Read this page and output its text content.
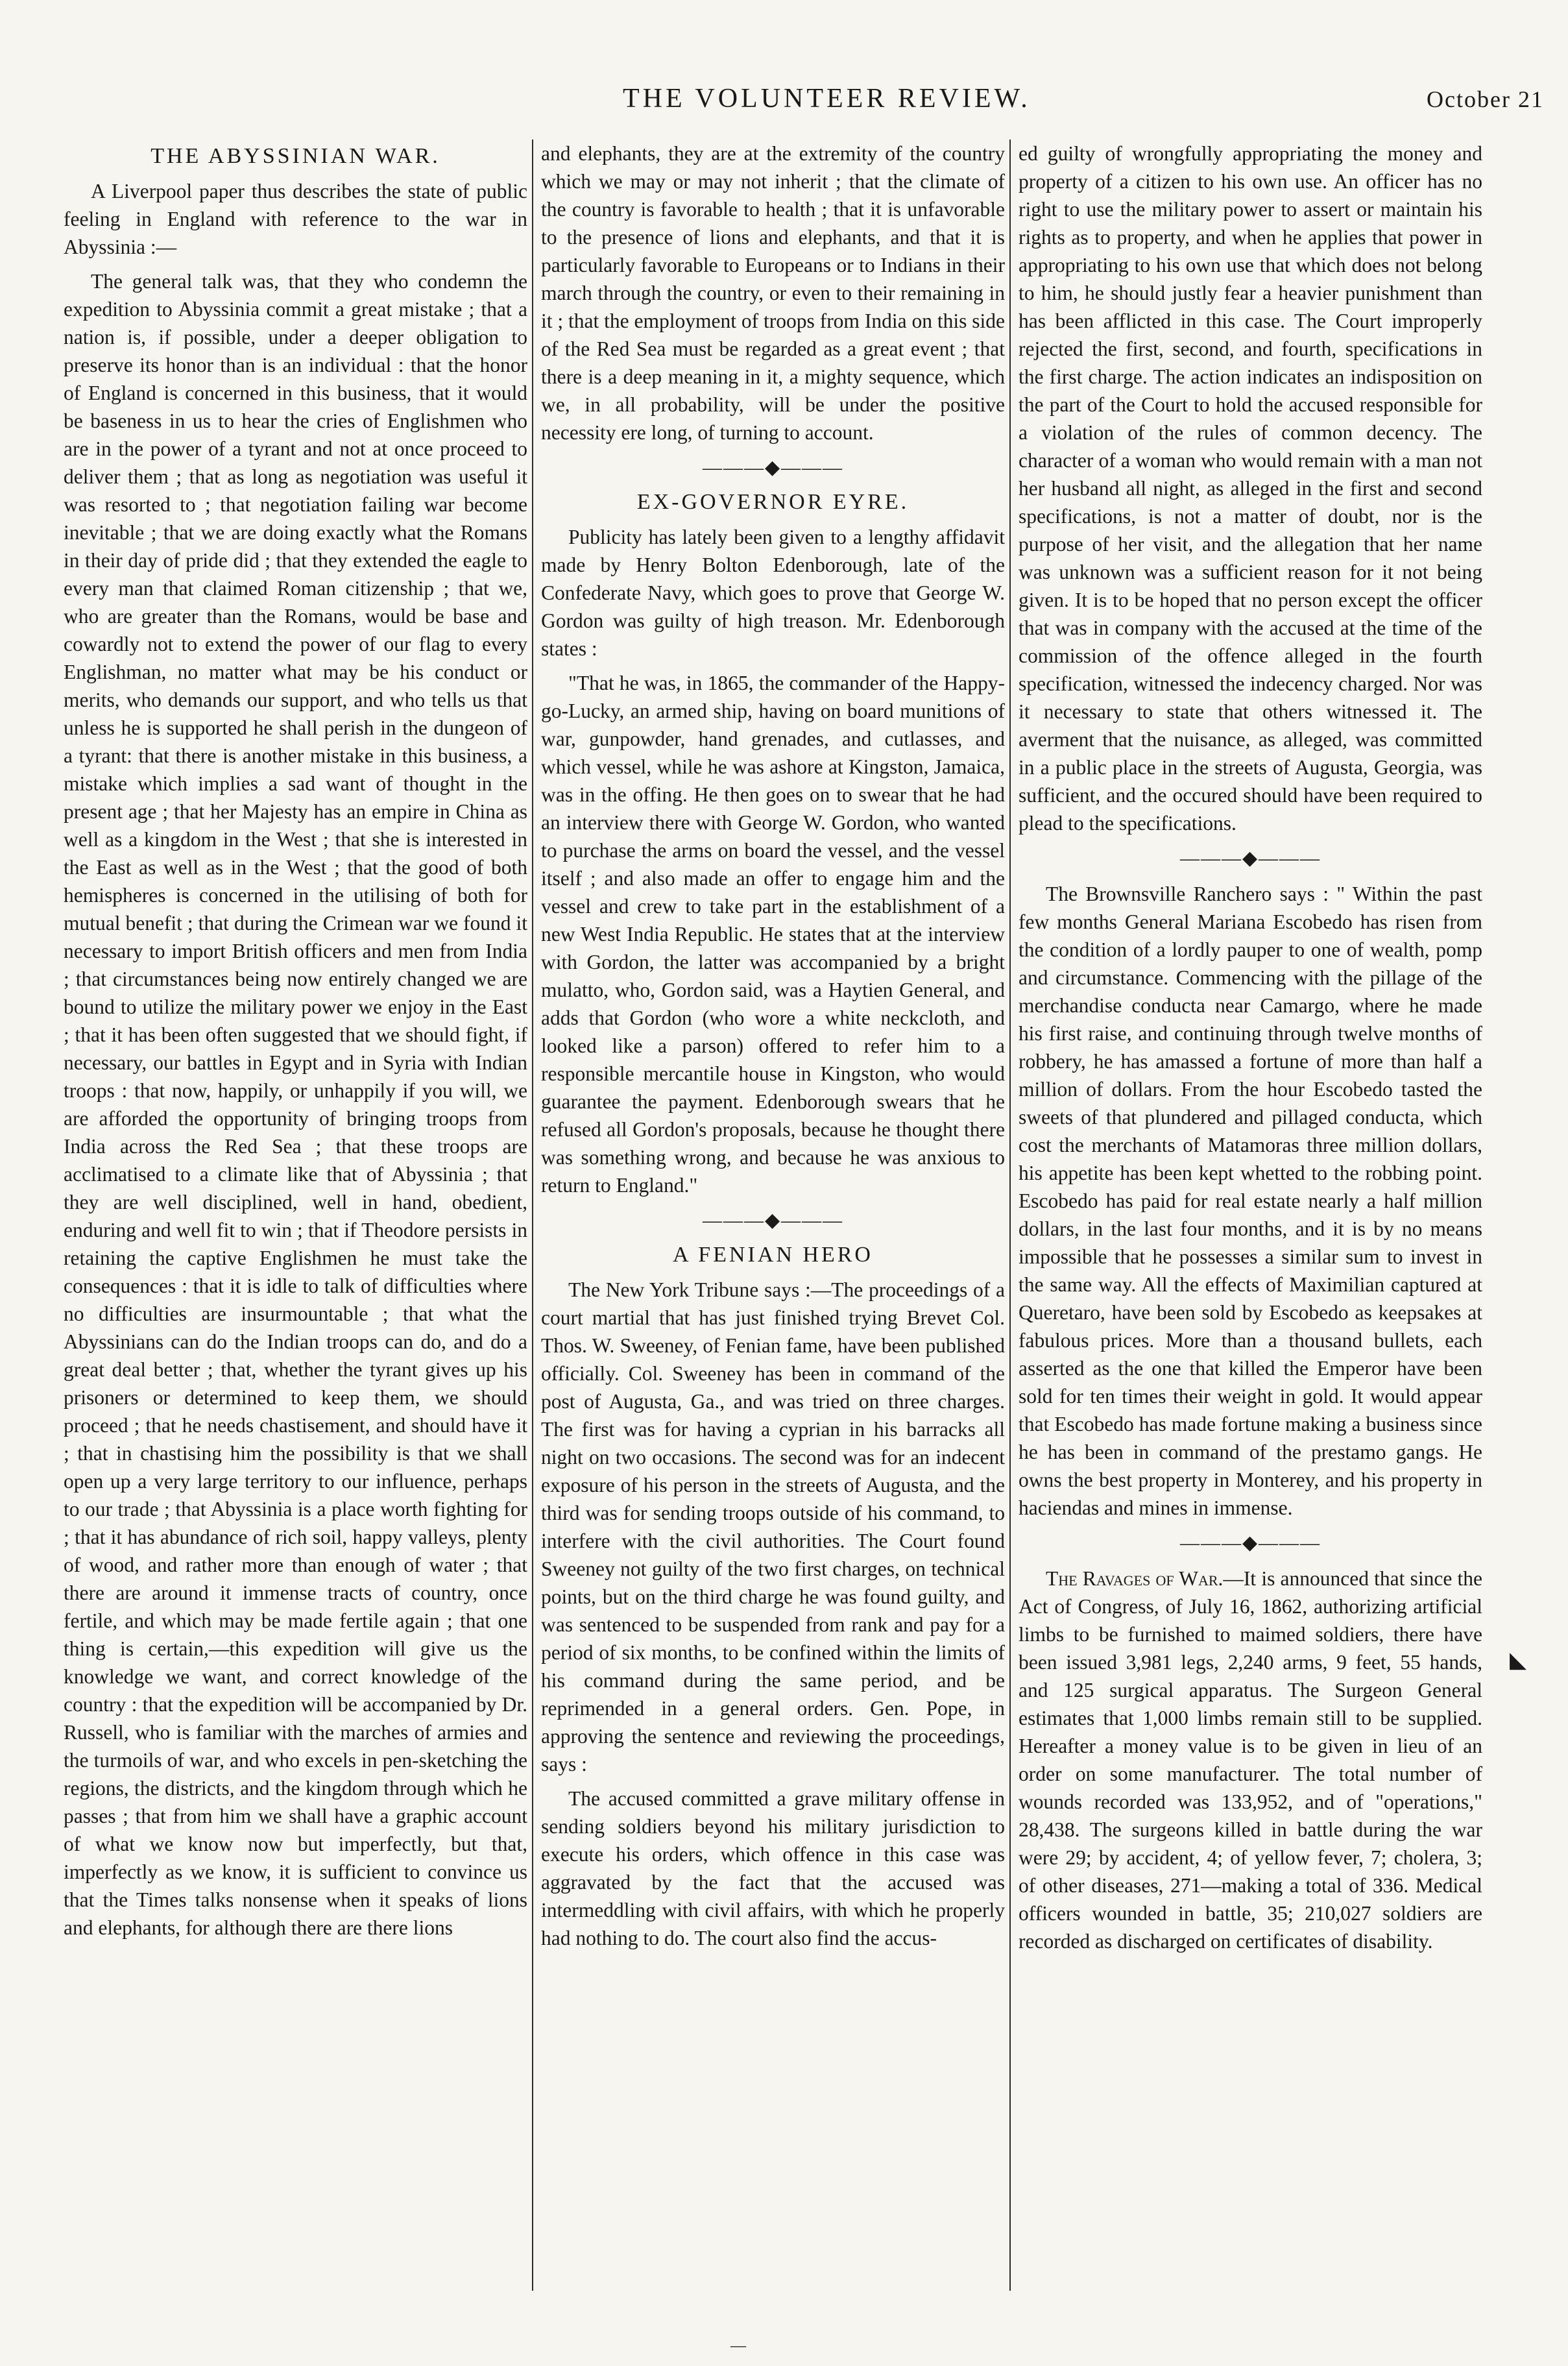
THE VOLUNTEER REVIEW.	October 21
THE ABYSSINIAN WAR.

A Liverpool paper thus describes the state of public feeling in England with reference to the war in Abyssinia :—

The general talk was, that they who condemn the expedition to Abyssinia commit a great mistake ; that a nation is, if possible, under a deeper obligation to preserve its honor than is an individual : that the honor of England is concerned in this business, that it would be baseness in us to hear the cries of Englishmen who are in the power of a tyrant and not at once proceed to deliver them ; that as long as negotiation was useful it was resorted to ; that negotiation failing war become inevitable ; that we are doing exactly what the Romans in their day of pride did ; that they extended the eagle to every man that claimed Roman citizenship ; that we, who are greater than the Romans, would be base and cowardly not to extend the power of our flag to every Englishman, no matter what may be his conduct or merits, who demands our support, and who tells us that unless he is supported he shall perish in the dungeon of a tyrant: that there is another mistake in this business, a mistake which implies a sad want of thought in the present age ; that her Majesty has an empire in China as well as a kingdom in the West ; that she is interested in the East as well as in the West ; that the good of both hemispheres is concerned in the utilising of both for mutual benefit ; that during the Crimean war we found it necessary to import British officers and men from India ; that circumstances being now entirely changed we are bound to utilize the military power we enjoy in the East ; that it has been often suggested that we should fight, if necessary, our battles in Egypt and in Syria with Indian troops : that now, happily, or unhappily if you will, we are afforded the opportunity of bringing troops from India across the Red Sea ; that these troops are acclimatised to a climate like that of Abyssinia ; that they are well disciplined, well in hand, obedient, enduring and well fit to win ; that if Theodore persists in retaining the captive Englishmen he must take the consequences : that it is idle to talk of difficulties where no difficulties are insurmountable ; that what the Abyssinians can do the Indian troops can do, and do a great deal better ; that, whether the tyrant gives up his prisoners or determined to keep them, we should proceed ; that he needs chastisement, and should have it ; that in chastising him the possibility is that we shall open up a very large territory to our influence, perhaps to our trade ; that Abyssinia is a place worth fighting for ; that it has abundance of rich soil, happy valleys, plenty of wood, and rather more than enough of water ; that there are around it immense tracts of country, once fertile, and which may be made fertile again ; that one thing is certain,—this expedition will give us the knowledge we want, and correct knowledge of the country : that the expedition will be accompanied by Dr. Russell, who is familiar with the marches of armies and the turmoils of war, and who excels in pen-sketching the regions, the districts, and the kingdom through which he passes ; that from him we shall have a graphic account of what we know now but imperfectly, but that, imperfectly as we know, it is sufficient to convince us that the Times talks nonsense when it speaks of lions and elephants, for although there are there lions

and elephants, they are at the extremity of the country which we may or may not inherit ; that the climate of the country is favorable to health ; that it is unfavorable to the presence of lions and elephants, and that it is particularly favorable to Europeans or to Indians in their march through the country, or even to their remaining in it ; that the employment of troops from India on this side of the Red Sea must be regarded as a great event ; that there is a deep meaning in it, a mighty sequence, which we, in all probability, will be under the positive necessity ere long, of turning to account.

———◆———
EX-GOVERNOR EYRE.

Publicity has lately been given to a lengthy affidavit made by Henry Bolton Edenborough, late of the Confederate Navy, which goes to prove that George W. Gordon was guilty of high treason. Mr. Edenborough states :

"That he was, in 1865, the commander of the Happy-go-Lucky, an armed ship, having on board munitions of war, gunpowder, hand grenades, and cutlasses, and which vessel, while he was ashore at Kingston, Jamaica, was in the offing. He then goes on to swear that he had an interview there with George W. Gordon, who wanted to purchase the arms on board the vessel, and the vessel itself ; and also made an offer to engage him and the vessel and crew to take part in the establishment of a new West India Republic. He states that at the interview with Gordon, the latter was accompanied by a bright mulatto, who, Gordon said, was a Haytien General, and adds that Gordon (who wore a white neckcloth, and looked like a parson) offered to refer him to a responsible mercantile house in Kingston, who would guarantee the payment. Edenborough swears that he refused all Gordon's proposals, because he thought there was something wrong, and because he was anxious to return to England."

———◆———
A FENIAN HERO

The New York Tribune says :—The proceedings of a court martial that has just finished trying Brevet Col. Thos. W. Sweeney, of Fenian fame, have been published officially. Col. Sweeney has been in command of the post of Augusta, Ga., and was tried on three charges. The first was for having a cyprian in his barracks all night on two occasions. The second was for an indecent exposure of his person in the streets of Augusta, and the third was for sending troops outside of his command, to interfere with the civil authorities. The Court found Sweeney not guilty of the two first charges, on technical points, but on the third charge he was found guilty, and was sentenced to be suspended from rank and pay for a period of six months, to be confined within the limits of his command during the same period, and be reprimended in a general orders. Gen. Pope, in approving the sentence and reviewing the proceedings, says :

The accused committed a grave military offense in sending soldiers beyond his military jurisdiction to execute his orders, which offence in this case was aggravated by the fact that the accused was intermeddling with civil affairs, with which he properly had nothing to do. The court also find the accus-

ed guilty of wrongfully appropriating the money and property of a citizen to his own use. An officer has no right to use the military power to assert or maintain his rights as to property, and when he applies that power in appropriating to his own use that which does not belong to him, he should justly fear a heavier punishment than has been afflicted in this case. The Court improperly rejected the first, second, and fourth, specifications in the first charge. The action indicates an indisposition on the part of the Court to hold the accused responsible for a violation of the rules of common decency. The character of a woman who would remain with a man not her husband all night, as alleged in the first and second specifications, is not a matter of doubt, nor is the purpose of her visit, and the allegation that her name was unknown was a sufficient reason for it not being given. It is to be hoped that no person except the officer that was in company with the accused at the time of the commission of the offence alleged in the fourth specification, witnessed the indecency charged. Nor was it necessary to state that others witnessed it. The averment that the nuisance, as alleged, was committed in a public place in the streets of Augusta, Georgia, was sufficient, and the occured should have been required to plead to the specifications.

———◆———

The Brownsville Ranchero says : " Within the past few months General Mariana Escobedo has risen from the condition of a lordly pauper to one of wealth, pomp and circumstance. Commencing with the pillage of the merchandise conducta near Camargo, where he made his first raise, and continuing through twelve months of robbery, he has amassed a fortune of more than half a million of dollars. From the hour Escobedo tasted the sweets of that plundered and pillaged conducta, which cost the merchants of Matamoras three million dollars, his appetite has been kept whetted to the robbing point. Escobedo has paid for real estate nearly a half million dollars, in the last four months, and it is by no means impossible that he possesses a similar sum to invest in the same way. All the effects of Maximilian captured at Queretaro, have been sold by Escobedo as keepsakes at fabulous prices. More than a thousand bullets, each asserted as the one that killed the Emperor have been sold for ten times their weight in gold. It would appear that Escobedo has made fortune making a business since he has been in command of the prestamo gangs. He owns the best property in Monterey, and his property in haciendas and mines in immense.

———◆———

The Ravages of War.—It is announced that since the Act of Congress, of July 16, 1862, authorizing artificial limbs to be furnished to maimed soldiers, there have been issued 3,981 legs, 2,240 arms, 9 feet, 55 hands, and 125 surgical apparatus. The Surgeon General estimates that 1,000 limbs remain still to be supplied. Hereafter a money value is to be given in lieu of an order on some manufacturer. The total number of wounds recorded was 133,952, and of "operations," 28,438. The surgeons killed in battle during the war were 29; by accident, 4; of yellow fever, 7; cholera, 3; of other diseases, 271—making a total of 336. Medical officers wounded in battle, 35; 210,027 soldiers are recorded as discharged on certificates of disability.

◣
—
